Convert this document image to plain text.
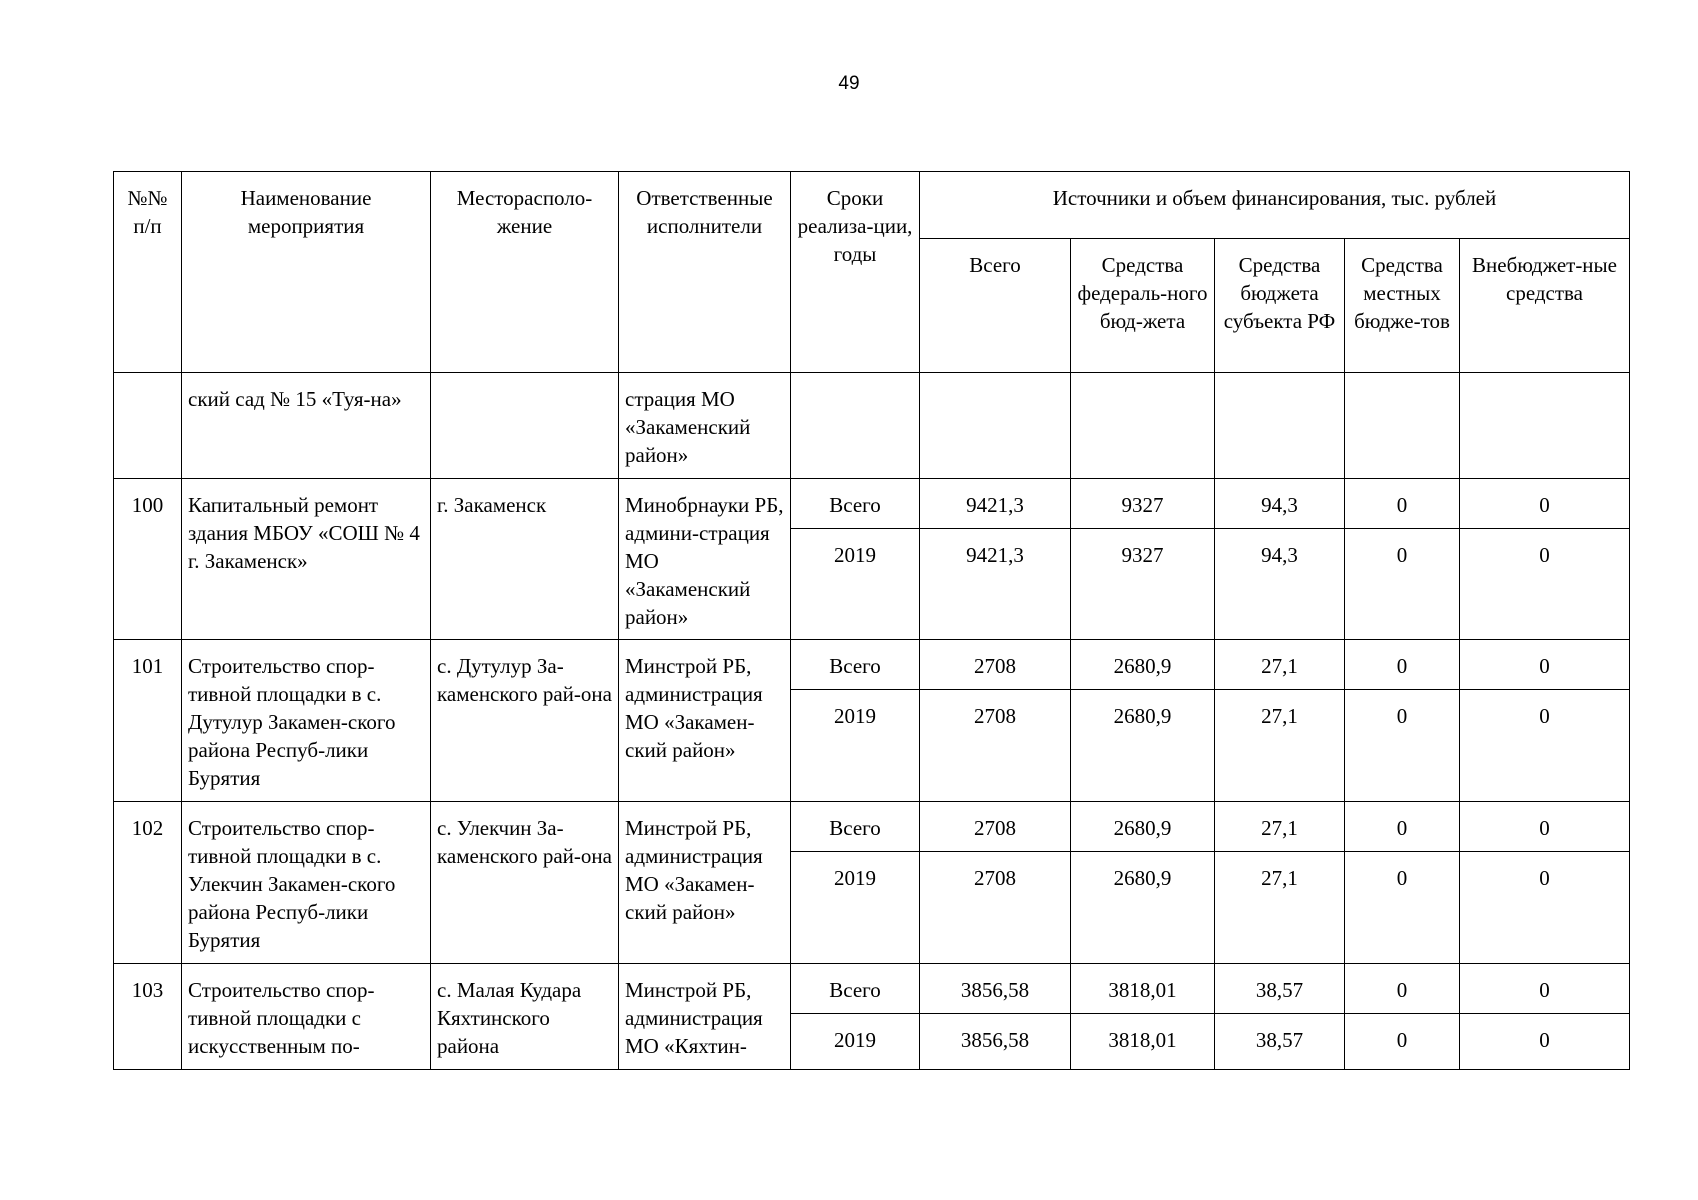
49
№№ п/п	Наименование мероприятия	Месторасполо-жение	Ответственные исполнители	Сроки реализа-ции, годы	Источники и объем финансирования, тыс. рублей				
					Всего	Средства федераль-ного бюд-жета	Средства бюджета субъекта РФ	Средства местных бюдже-тов	Внебюджет-ные средства
	ский сад № 15 «Туя-на»		страция МО «Закаменский район»						
100	Капитальный ремонт здания МБОУ «СОШ № 4 г. Закаменск»	г. Закаменск	Минобрнауки РБ, админи-страция МО «Закаменский район»	Всего	9421,3	9327	94,3	0	0
				2019	9421,3	9327	94,3	0	0
101	Строительство спор-тивной площадки в с. Дутулур Закамен-ского района Респуб-лики Бурятия	с. Дутулур За-каменского рай-она	Минстрой РБ, администрация МО «Закамен-ский район»	Всего	2708	2680,9	27,1	0	0
				2019	2708	2680,9	27,1	0	0
102	Строительство спор-тивной площадки в с. Улекчин Закамен-ского района Респуб-лики Бурятия	с. Улекчин За-каменского рай-она	Минстрой РБ, администрация МО «Закамен-ский район»	Всего	2708	2680,9	27,1	0	0
				2019	2708	2680,9	27,1	0	0
103	Строительство спор-тивной площадки с искусственным по-	с. Малая Кудара Кяхтинского района	Минстрой РБ, администрация МО «Кяхтин-	Всего	3856,58	3818,01	38,57	0	0
				2019	3856,58	3818,01	38,57	0	0
